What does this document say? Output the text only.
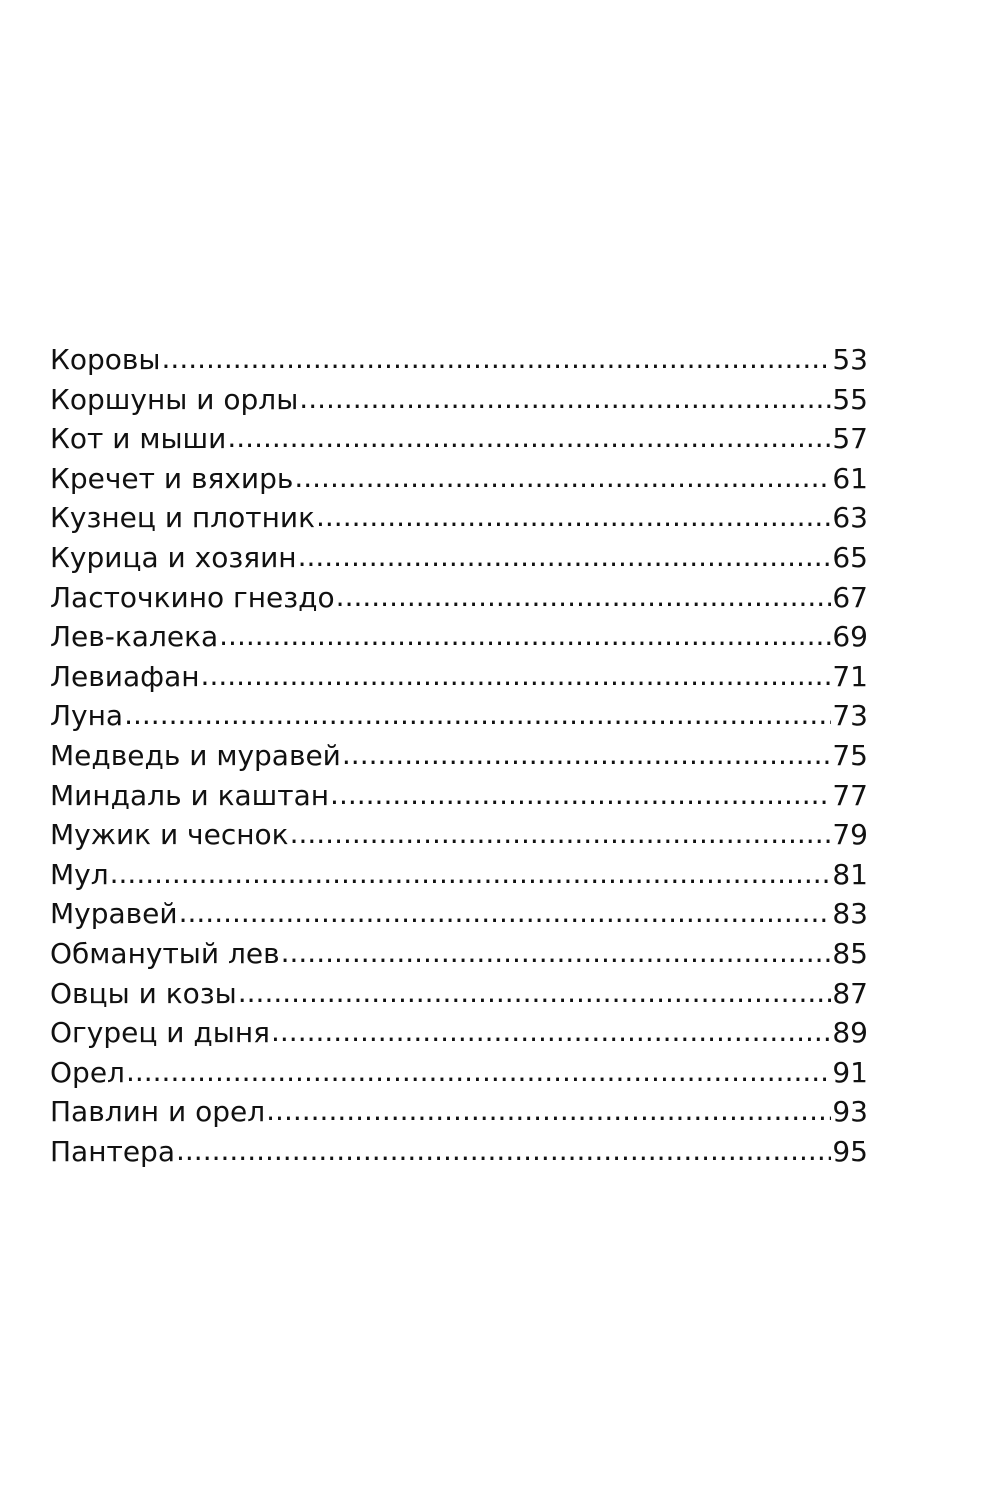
Коровы .....	53
Коршуны и орлы .....	55
Кот и мыши .....	57
Кречет и вяхирь .....	61
Кузнец и плотник .....	63
Курица и хозяин .....	65
Ласточкино гнездо .....	67
Лев-калека .....	69
Левиафан .....	71
Луна .....	73
Медведь и муравей .....	75
Миндаль и каштан .....	77
Мужик и чеснок .....	79
Мул .....	81
Муравей .....	83
Обманутый лев .....	85
Овцы и козы .....	87
Огурец и дыня .....	89
Орел .....	91
Павлин и орел .....	93
Пантера .....	95
